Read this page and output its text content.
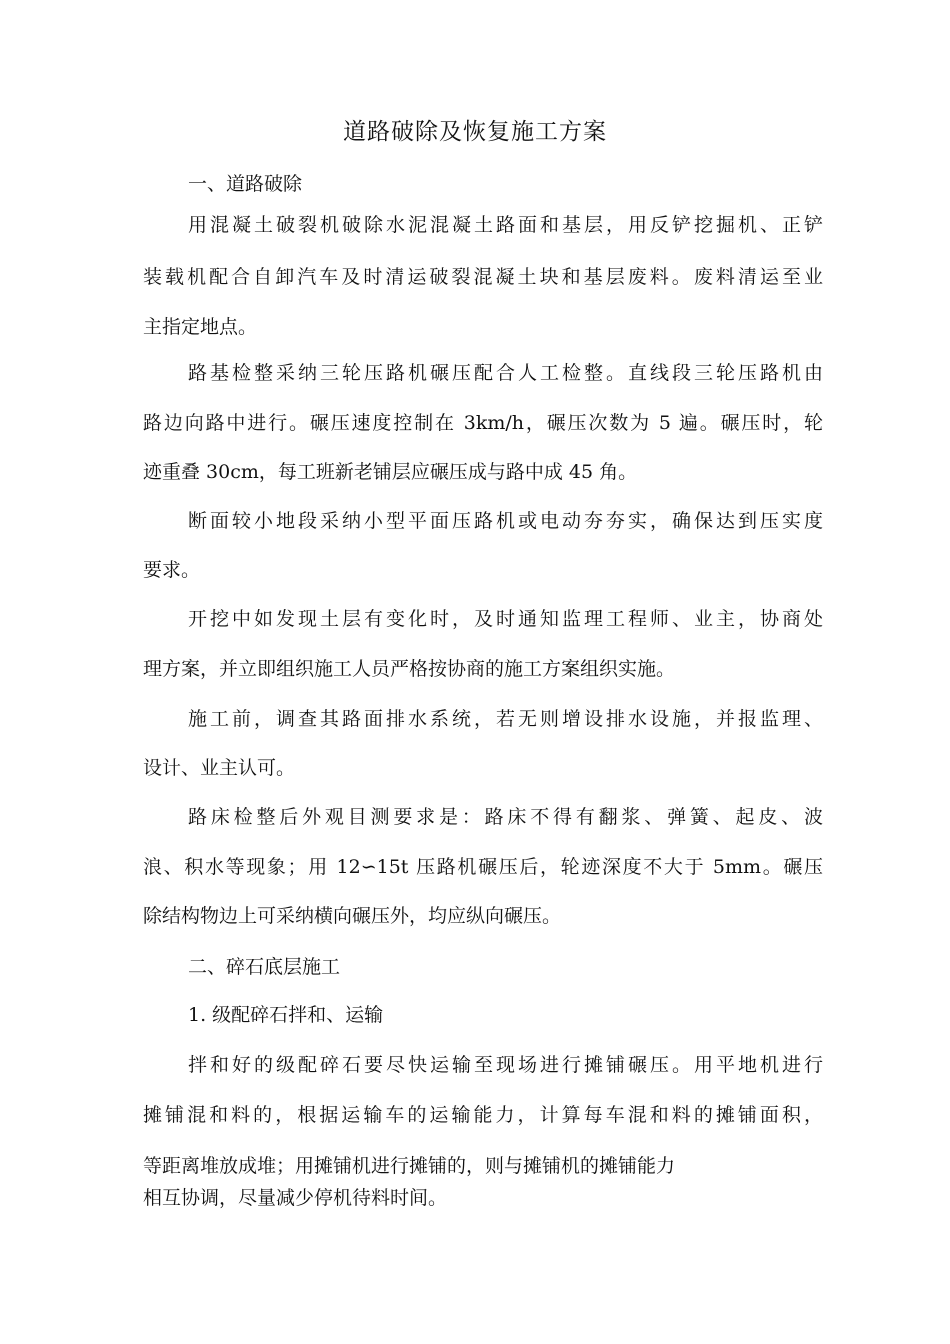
道路破除及恢复施工方案
一、道路破除
用混凝土破裂机破除水泥混凝土路面和基层，用反铲挖掘机、正铲
装载机配合自卸汽车及时清运破裂混凝土块和基层废料。废料清运至业
主指定地点。
路基检整采纳三轮压路机碾压配合人工检整。直线段三轮压路机由
路边向路中进行。碾压速度控制在 3km/h，碾压次数为 5 遍。碾压时，轮
迹重叠 30cm，每工班新老铺层应碾压成与路中成 45 角。
断面较小地段采纳小型平面压路机或电动夯夯实，确保达到压实度
要求。
开挖中如发现土层有变化时，及时通知监理工程师、业主，协商处
理方案，并立即组织施工人员严格按协商的施工方案组织实施。
施工前，调查其路面排水系统，若无则增设排水设施，并报监理、
设计、业主认可。
路床检整后外观目测要求是：路床不得有翻浆、弹簧、起皮、波
浪、积水等现象；用 12∽15t 压路机碾压后，轮迹深度不大于 5mm。碾压
除结构物边上可采纳横向碾压外，均应纵向碾压。
二、碎石底层施工
1. 级配碎石拌和、运输
拌和好的级配碎石要尽快运输至现场进行摊铺碾压。用平地机进行
摊铺混和料的，根据运输车的运输能力，计算每车混和料的摊铺面积，
等距离堆放成堆；用摊铺机进行摊铺的，则与摊铺机的摊铺能力
相互协调，尽量减少停机待料时间。
